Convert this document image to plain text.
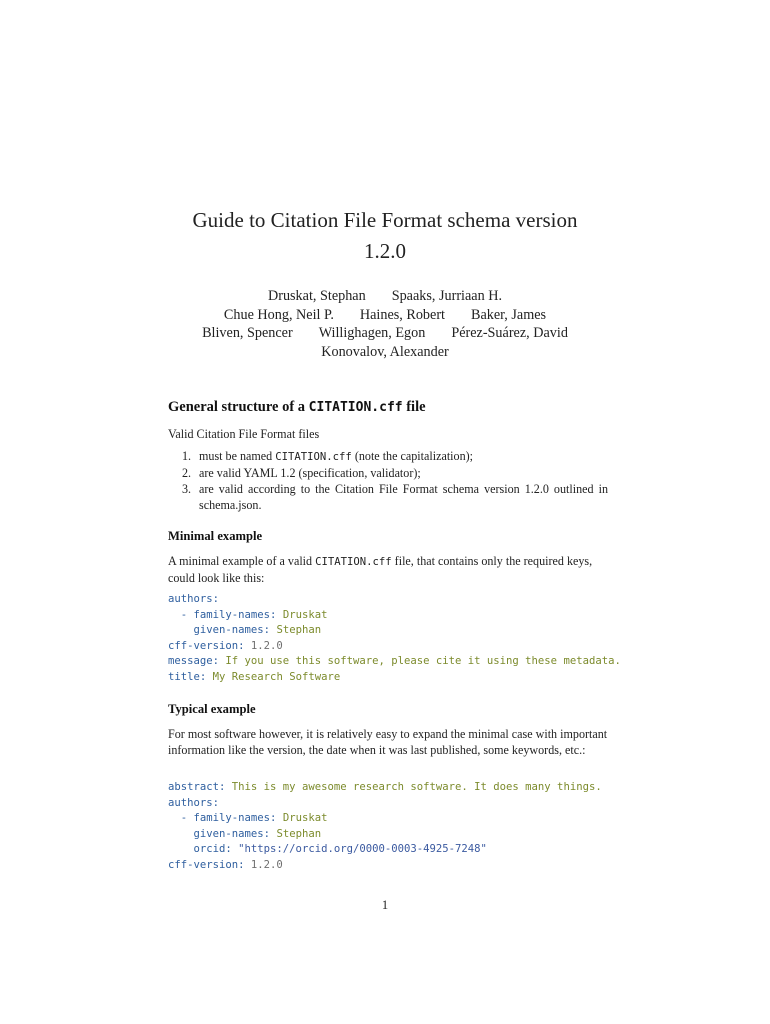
Guide to Citation File Format schema version
1.2.0
Druskat, Stephan Spaaks, Jurriaan H.
Chue Hong, Neil P. Haines, Robert Baker, James
Bliven, Spencer Willighagen, Egon Pérez-Suárez, David
Konovalov, Alexander
General structure of a CITATION.cff file
Valid Citation File Format files
1. must be named CITATION.cff (note the capitalization);
2. are valid YAML 1.2 (specification, validator);
3. are valid according to the Citation File Format schema version 1.2.0 outlined in schema.json.
Minimal example
A minimal example of a valid CITATION.cff file, that contains only the required keys, could look like this:
authors:
- family-names: Druskat
given-names: Stephan
cff-version: 1.2.0
message: If you use this software, please cite it using these metadata.
title: My Research Software
Typical example
For most software however, it is relatively easy to expand the minimal case with important information like the version, the date when it was last published, some keywords, etc.:
abstract: This is my awesome research software. It does many things.
authors:
- family-names: Druskat
given-names: Stephan
orcid: "https://orcid.org/0000-0003-4925-7248"
cff-version: 1.2.0
1
